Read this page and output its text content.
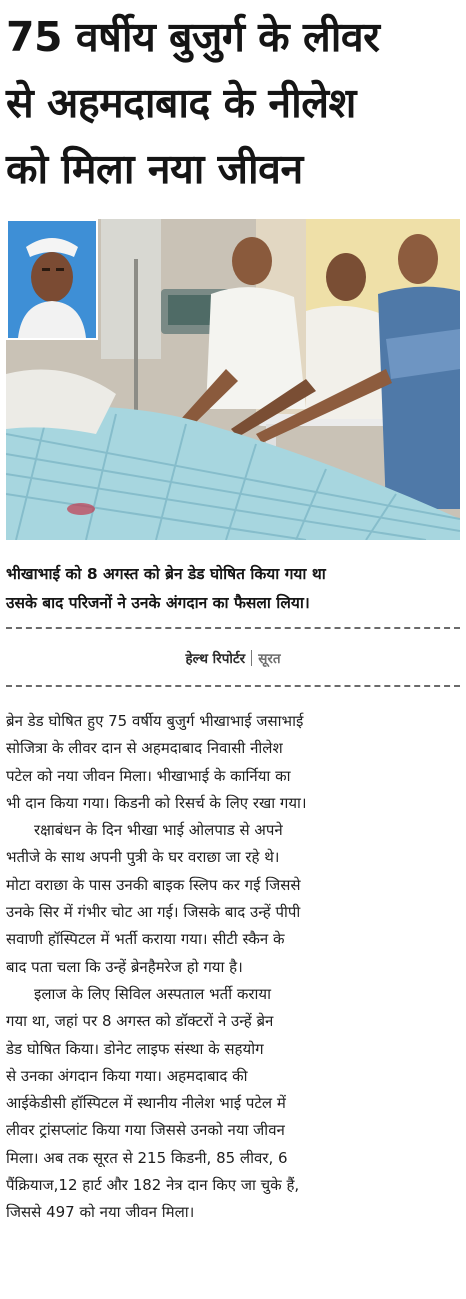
75 वर्षीय बुजुर्ग के लीवर
से अहमदाबाद के नीलेश
को मिला नया जीवन

भीखाभाई को 8 अगस्त को ब्रेन डेड घोषित किया गया था
उसके बाद परिजनों ने उनके अंगदान का फैसला लिया।

हेल्थ रिपोर्टर सूरत
ब्रेन डेड घोषित हुए 75 वर्षीय बुजुर्ग भीखाभाई जसाभाई
सोजित्रा के लीवर दान से अहमदाबाद निवासी नीलेश
पटेल को नया जीवन मिला। भीखाभाई के कार्निया का
भी दान किया गया। किडनी को रिसर्च के लिए रखा गया।
रक्षाबंधन के दिन भीखा भाई ओलपाड से अपने
भतीजे के साथ अपनी पुत्री के घर वराछा जा रहे थे।
मोटा वराछा के पास उनकी बाइक स्लिप कर गई जिससे
उनके सिर में गंभीर चोट आ गई। जिसके बाद उन्हें पीपी
सवाणी हॉस्पिटल में भर्ती कराया गया। सीटी स्कैन के
बाद पता चला कि उन्हें ब्रेनहैमरेज हो गया है।
इलाज के लिए सिविल अस्पताल भर्ती कराया
गया था, जहां पर 8 अगस्त को डॉक्टरों ने उन्हें ब्रेन
डेड घोषित किया। डोनेट लाइफ संस्था के सहयोग
से उनका अंगदान किया गया। अहमदाबाद की
आईकेडीसी हॉस्पिटल में स्थानीय नीलेश भाई पटेल में
लीवर ट्रांसप्लांट किया गया जिससे उनको नया जीवन
मिला। अब तक सूरत से 215 किडनी, 85 लीवर, 6
पैंक्रियाज,12 हार्ट और 182 नेत्र दान किए जा चुके हैं,
जिससे 497 को नया जीवन मिला।
